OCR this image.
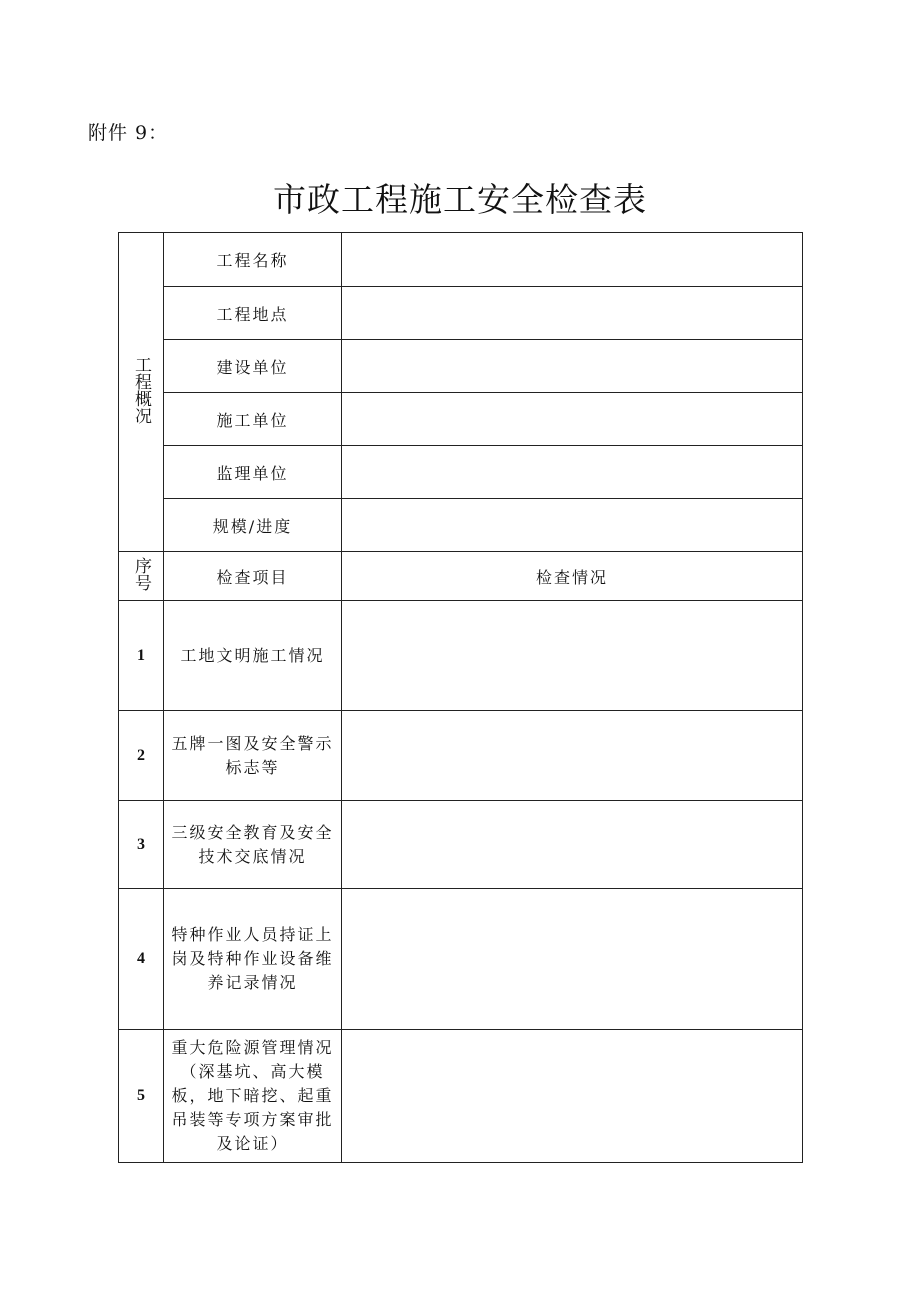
附件 9：
市政工程施工安全检查表
工程概况	工程名称	
	工程地点	
	建设单位	
	施工单位	
	监理单位	
	规模/进度	
序号	检查项目	检查情况
1	工地文明施工情况	
2	五牌一图及安全警示标志等	
3	三级安全教育及安全技术交底情况	
4	特种作业人员持证上岗及特种作业设备维养记录情况	
5	重大危险源管理情况（深基坑、高大模板，地下暗挖、起重吊装等专项方案审批及论证）	
